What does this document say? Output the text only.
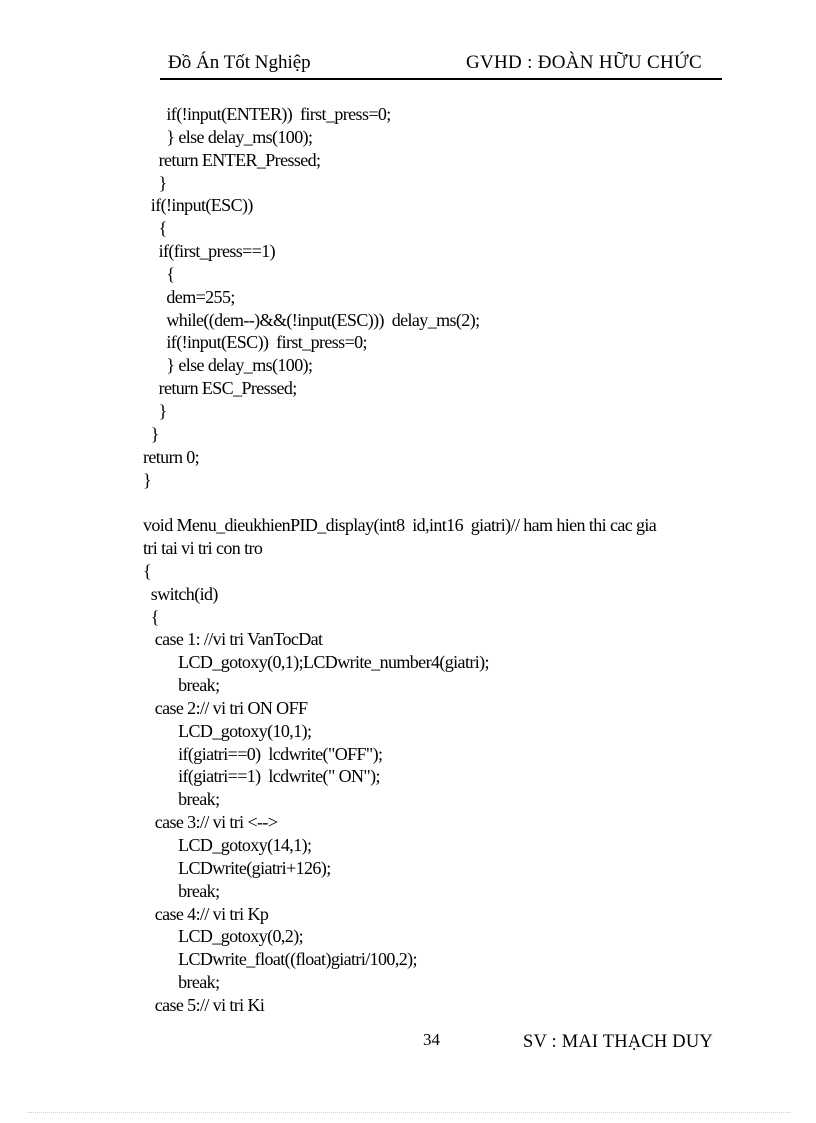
Đồ Án Tốt Nghiệp	GVHD : ĐOÀN HỮU CHỨC
if(!input(ENTER))  first_press=0;
} else delay_ms(100);
return ENTER_Pressed;
}
if(!input(ESC))
{
if(first_press==1)
{
dem=255;
while((dem--)&&(!input(ESC)))  delay_ms(2);
if(!input(ESC))  first_press=0;
} else delay_ms(100);
return ESC_Pressed;
}
}
return 0;
}
void Menu_dieukhienPID_display(int8  id,int16  giatri)// ham hien thi cac gia
tri tai vi tri con tro
{
switch(id)
{
case 1: //vi tri VanTocDat
LCD_gotoxy(0,1);LCDwrite_number4(giatri);
break;
case 2:// vi tri ON OFF
LCD_gotoxy(10,1);
if(giatri==0)  lcdwrite("OFF");
if(giatri==1)  lcdwrite(" ON");
break;
case 3:// vi tri <-->
LCD_gotoxy(14,1);
LCDwrite(giatri+126);
break;
case 4:// vi tri Kp
LCD_gotoxy(0,2);
LCDwrite_float((float)giatri/100,2);
break;
case 5:// vi tri Ki
34	SV : MAI THẠCH DUY
